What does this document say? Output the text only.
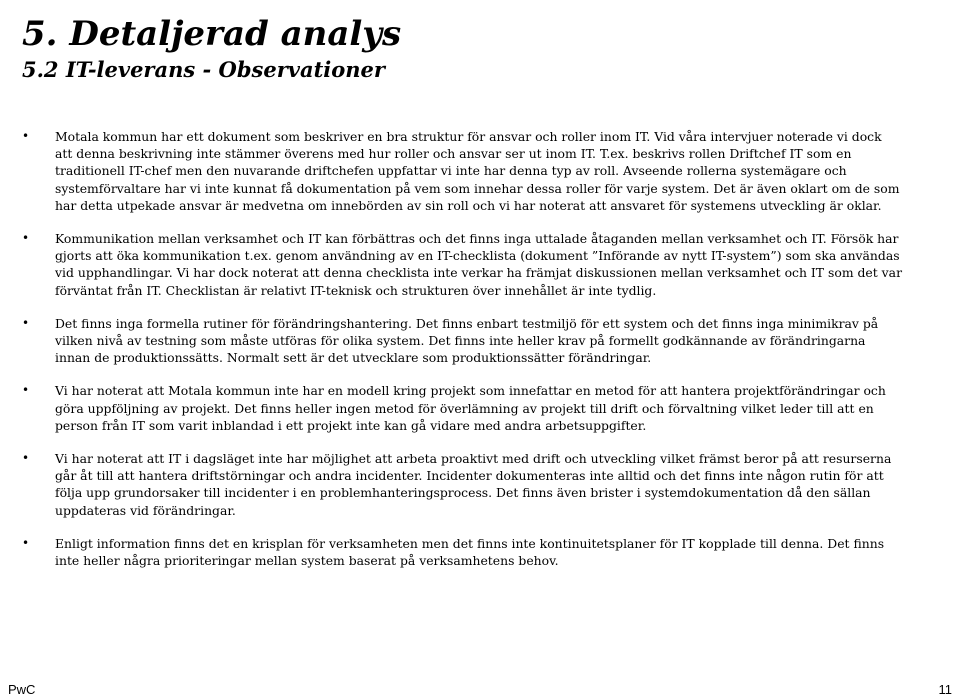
5. Detaljerad analys
5.2 IT-leverans - Observationer
• Motala kommun har ett dokument som beskriver en bra struktur för ansvar och roller inom IT. Vid våra intervjuer noterade vi dock att denna beskrivning inte stämmer överens med hur roller och ansvar ser ut inom IT. T.ex. beskrivs rollen Driftchef IT som en traditionell IT-chef men den nuvarande driftchefen uppfattar vi inte har denna typ av roll. Avseende rollerna systemägare och systemförvaltare har vi inte kunnat få dokumentation på vem som innehar dessa roller för varje system. Det är även oklart om de som har detta utpekade ansvar är medvetna om innebörden av sin roll och vi har noterat att ansvaret för systemens utveckling är oklar.
• Kommunikation mellan verksamhet och IT kan förbättras och det finns inga uttalade åtaganden mellan verksamhet och IT. Försök har gjorts att öka kommunikation t.ex. genom användning av en IT-checklista (dokument ”Införande av nytt IT-system”) som ska användas vid upphandlingar. Vi har dock noterat att denna checklista inte verkar ha främjat diskussionen mellan verksamhet och IT som det var förväntat från IT. Checklistan är relativt IT-teknisk och strukturen över innehållet är inte tydlig.
• Det finns inga formella rutiner för förändringshantering. Det finns enbart testmiljö för ett system och det finns inga minimikrav på vilken nivå av testning som måste utföras för olika system. Det finns inte heller krav på formellt godkännande av förändringarna innan de produktionssätts. Normalt sett är det utvecklare som produktionssätter förändringar.
• Vi har noterat att Motala kommun inte har en modell kring projekt som innefattar en metod för att hantera projektförändringar och göra uppföljning av projekt. Det finns heller ingen metod för överlämning av projekt till drift och förvaltning vilket leder till att en person från IT som varit inblandad i ett projekt inte kan gå vidare med andra arbetsuppgifter.
• Vi har noterat att IT i dagsläget inte har möjlighet att arbeta proaktivt med drift och utveckling vilket främst beror på att resurserna går åt till att hantera driftstörningar och andra incidenter. Incidenter dokumenteras inte alltid och det finns inte någon rutin för att följa upp grundorsaker till incidenter i en problemhanteringsprocess. Det finns även brister i systemdokumentation då den sällan uppdateras vid förändringar.
• Enligt information finns det en krisplan för verksamheten men det finns inte kontinuitetsplaner för IT kopplade till denna. Det finns inte heller några prioriteringar mellan system baserat på verksamhetens behov.
PwC	11
